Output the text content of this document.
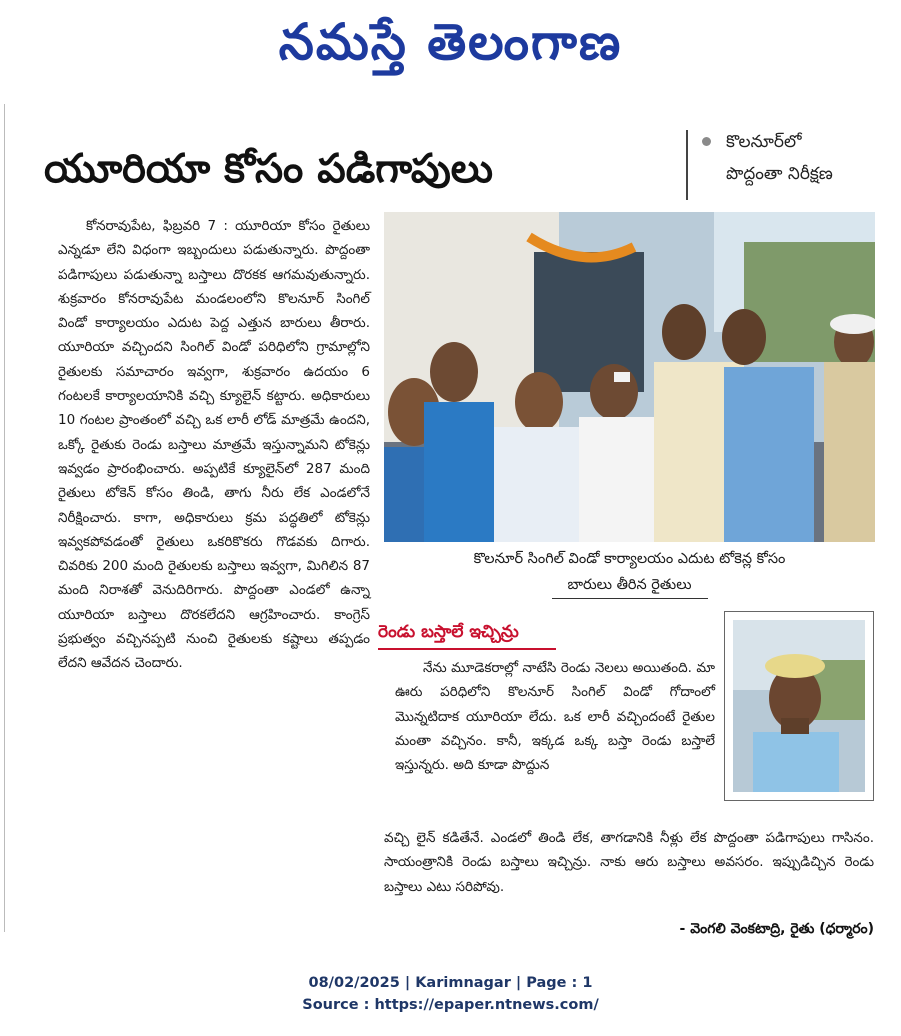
నమస్తే తెలంగాణ
యూరియా కోసం పడిగాపులు
కొలనూర్‌లో
పొద్దంతా నిరీక్షణ

కోనరావుపేట, ఫిబ్రవరి 7 : యూరియా కోసం రైతులు ఎన్నడూ లేని విధంగా ఇబ్బందులు పడుతున్నారు. పొద్దంతా పడిగాపులు పడుతున్నా బస్తాలు దొరకక ఆగమవుతున్నారు. శుక్రవారం కోనరావుపేట మండలంలోని కొలనూర్ సింగిల్ విండో కార్యాలయం ఎదుట పెద్ద ఎత్తున బారులు తీరారు. యూరియా వచ్చిందని సింగిల్ విండో పరిధిలోని గ్రామాల్లోని రైతులకు సమాచారం ఇవ్వగా, శుక్రవారం ఉదయం 6 గంటలకే కార్యాలయానికి వచ్చి క్యూలైన్ కట్టారు. అధికారులు 10 గంటల ప్రాంతంలో వచ్చి ఒక లారీ లోడ్ మాత్రమే ఉందని, ఒక్కో రైతుకు రెండు బస్తాలు మాత్రమే ఇస్తున్నామని టోకెన్లు ఇవ్వడం ప్రారంభించారు. అప్పటికే క్యూలైన్‌లో 287 మంది రైతులు టోకెన్ కోసం తిండి, తాగు నీరు లేక ఎండలోనే నిరీక్షించారు. కాగా, అధికారులు క్రమ పద్ధతిలో టోకెన్లు ఇవ్వకపోవడంతో రైతులు ఒకరికొకరు గొడవకు దిగారు. చివరికు 200 మంది రైతులకు బస్తాలు ఇవ్వగా, మిగిలిన 87 మంది నిరాశతో వెనుదిరిగారు. పొద్దంతా ఎండలో ఉన్నా యూరియా బస్తాలు దొరకలేదని ఆగ్రహించారు. కాంగ్రెస్ ప్రభుత్వం వచ్చినప్పటి నుంచి రైతులకు కష్టాలు తప్పడం లేదని ఆవేదన చెందారు.

కొలనూర్ సింగిల్ విండో కార్యాలయం ఎదుట టోకెన్ల కోసం
బారులు తీరిన రైతులు
రెండు బస్తాలే ఇచ్చిన్రు

నేను మూడెకరాల్లో నాటేసి రెండు నెలలు అయితంది. మా ఊరు పరిధిలోని కొలనూర్ సింగిల్ విండో గోదాంలో మొన్నటిదాక యూరియా లేదు. ఒక లారీ వచ్చిందంటే రైతుల మంతా వచ్చినం. కానీ, ఇక్కడ ఒక్క బస్తా రెండు బస్తాలే ఇస్తున్నరు. అది కూడా పొద్దున

వచ్చి లైన్ కడితేనే. ఎండలో తిండి లేక, తాగడానికి నీళ్లు లేక పొద్దంతా పడిగాపులు గాసినం. సాయంత్రానికి రెండు బస్తాలు ఇచ్చిన్రు. నాకు ఆరు బస్తాలు అవసరం. ఇప్పుడిచ్చిన రెండు బస్తాలు ఎటు సరిపోవు.

- వెంగలి వెంకటాద్రి, రైతు (ధర్మారం)
08/02/2025 | Karimnagar | Page : 1
Source : https://epaper.ntnews.com/
